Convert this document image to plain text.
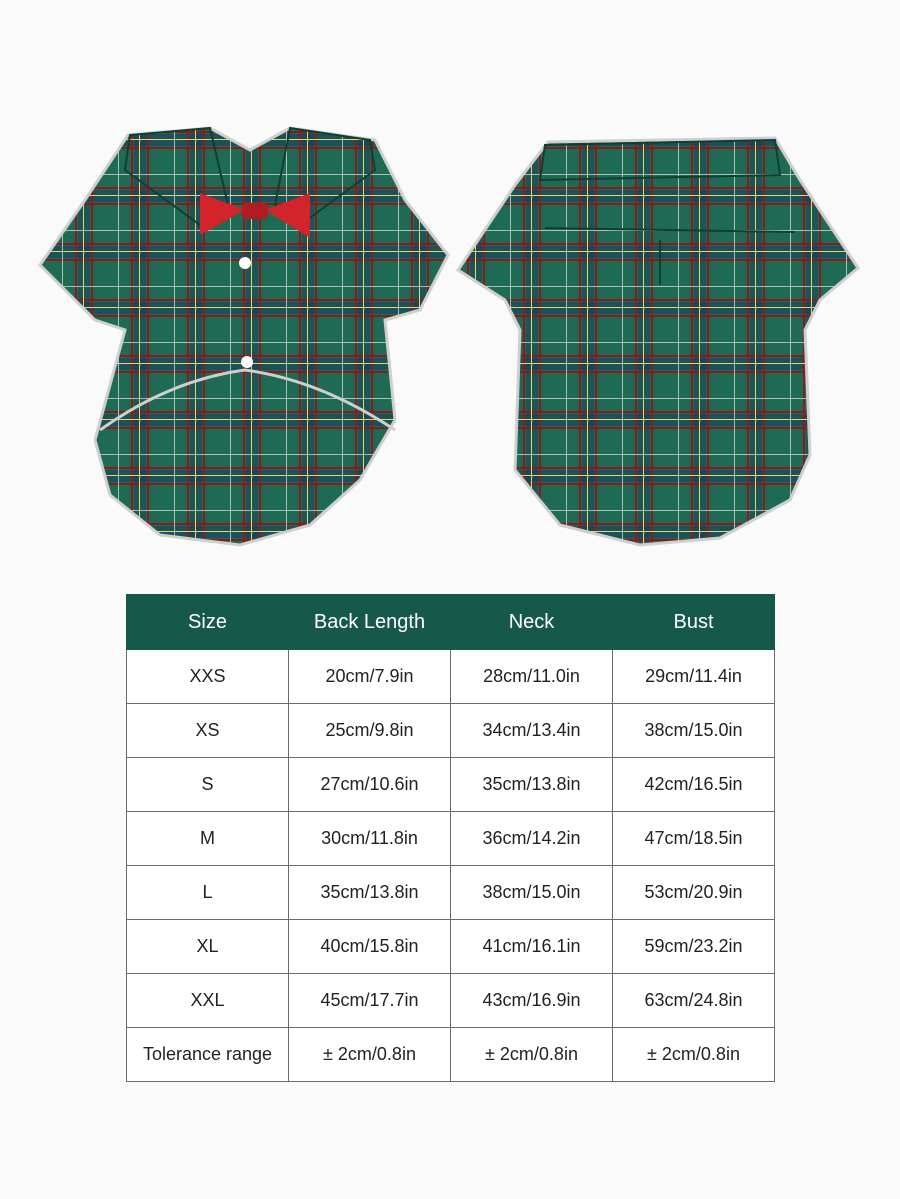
Size	Back Length	Neck	Bust
XXS	20cm/7.9in	28cm/11.0in	29cm/11.4in
XS	25cm/9.8in	34cm/13.4in	38cm/15.0in
S	27cm/10.6in	35cm/13.8in	42cm/16.5in
M	30cm/11.8in	36cm/14.2in	47cm/18.5in
L	35cm/13.8in	38cm/15.0in	53cm/20.9in
XL	40cm/15.8in	41cm/16.1in	59cm/23.2in
XXL	45cm/17.7in	43cm/16.9in	63cm/24.8in
Tolerance range	± 2cm/0.8in	± 2cm/0.8in	± 2cm/0.8in
